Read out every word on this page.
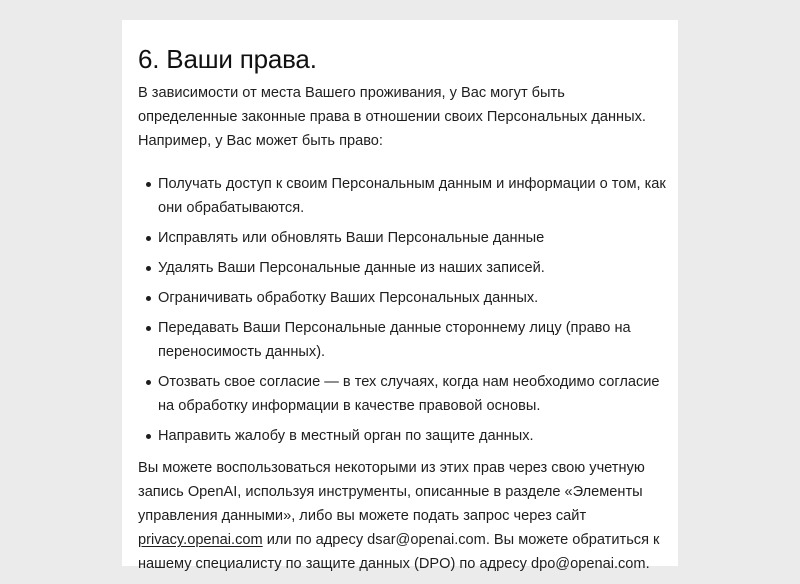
6. Ваши права.

В зависимости от места Вашего проживания, у Вас могут быть определенные законные права в отношении своих Персональных данных. Например, у Вас может быть право:

Получать доступ к своим Персональным данным и информации о том, как они обрабатываются.
Исправлять или обновлять Ваши Персональные данные
Удалять Ваши Персональные данные из наших записей.
Ограничивать обработку Ваших Персональных данных.
Передавать Ваши Персональные данные стороннему лицу (право на переносимость данных).
Отозвать свое согласие — в тех случаях, когда нам необходимо согласие на обработку информации в качестве правовой основы.
Направить жалобу в местный орган по защите данных.

Вы можете воспользоваться некоторыми из этих прав через свою учетную запись OpenAI, используя инструменты, описанные в разделе «Элементы управления данными», либо вы можете подать запрос через сайт privacy.openai.com или по адресу dsar@openai.com. Вы можете обратиться к нашему специалисту по защите данных (DPO) по адресу dpo@openai.com.
